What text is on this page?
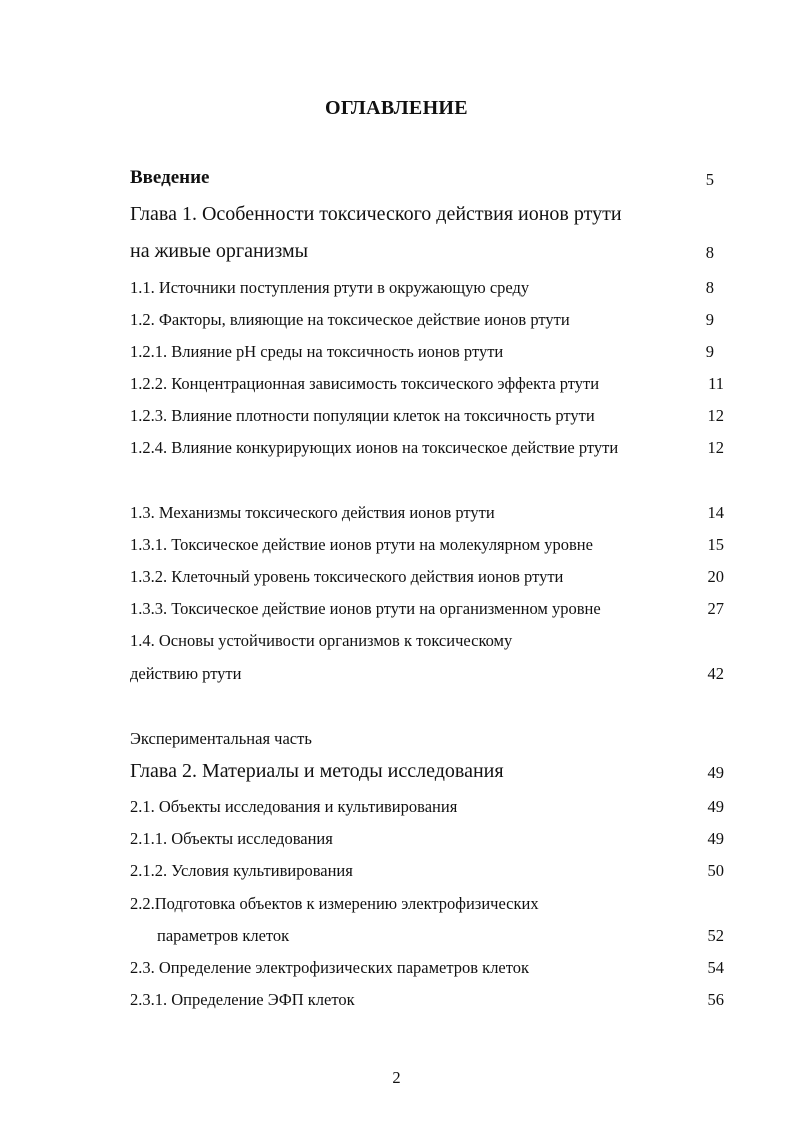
ОГЛАВЛЕНИЕ
Введение	5
Глава 1. Особенности токсического действия ионов ртути
на живые организмы	8
1.1. Источники поступления ртути в окружающую среду	8
1.2. Факторы, влияющие на токсическое действие ионов ртути	9
1.2.1. Влияние pH среды на токсичность ионов ртути	9
1.2.2. Концентрационная зависимость токсического эффекта ртути	11
1.2.3. Влияние плотности популяции клеток на токсичность ртути	12
1.2.4. Влияние конкурирующих ионов на токсическое действие ртути	12
1.3. Механизмы токсического действия ионов ртути	14
1.3.1. Токсическое действие ионов ртути на молекулярном уровне	15
1.3.2. Клеточный уровень токсического действия ионов ртути	20
1.3.3. Токсическое действие ионов ртути на организменном уровне	27
1.4. Основы устойчивости организмов к токсическому
действию ртути	42
Экспериментальная часть
Глава 2. Материалы и методы исследования	49
2.1. Объекты исследования и культивирования	49
2.1.1. Объекты исследования	49
2.1.2. Условия культивирования	50
2.2.Подготовка объектов к измерению электрофизических
параметров клеток	52
2.3. Определение электрофизических параметров клеток	54
2.3.1. Определение ЭФП клеток	56
2
